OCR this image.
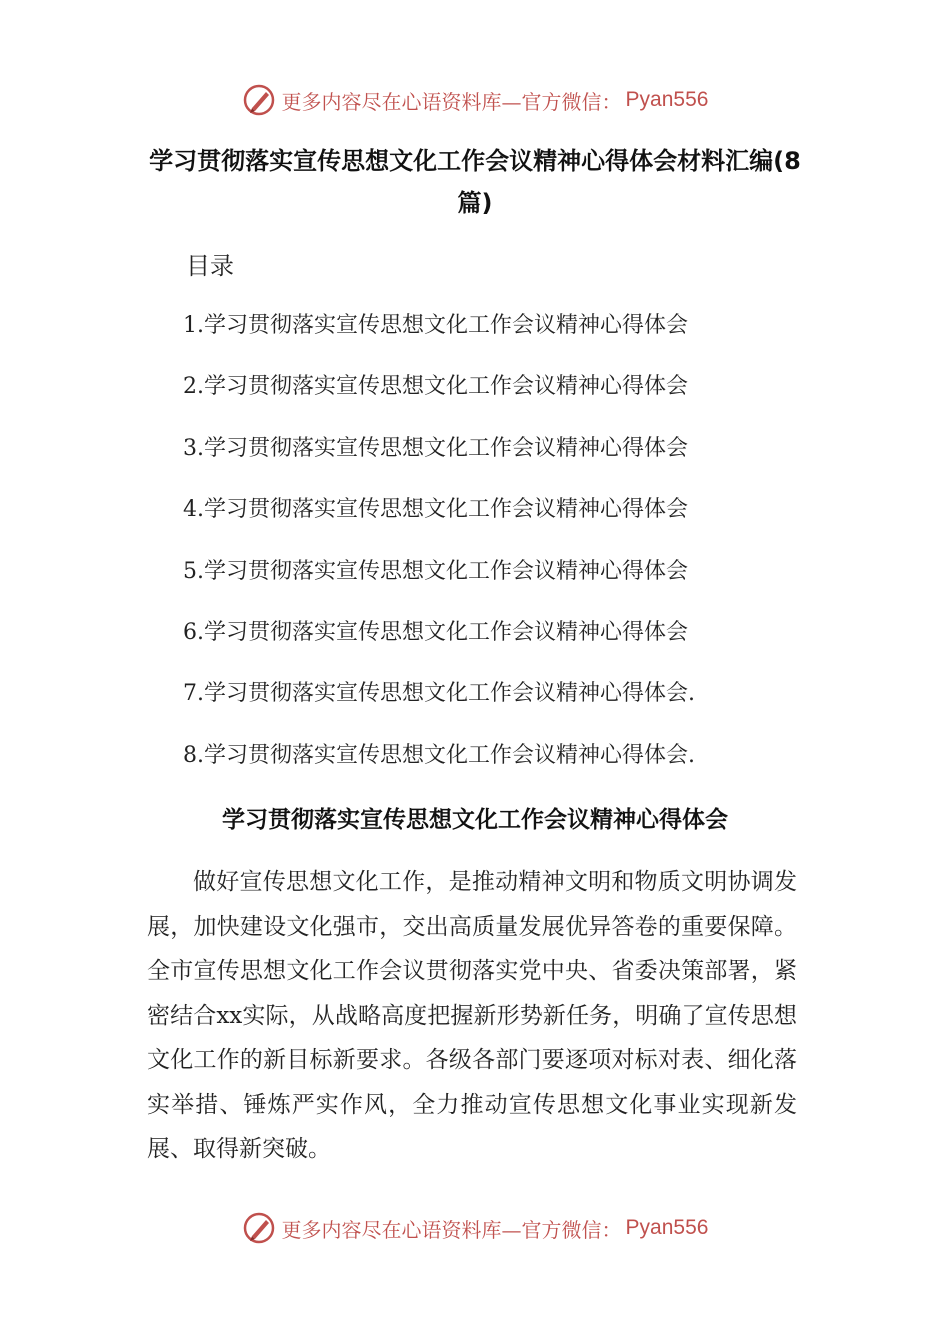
更多内容尽在心语资料库—官方微信： Pyan556
学习贯彻落实宣传思想文化工作会议精神心得体会材料汇编(8篇)
目录
1.学习贯彻落实宣传思想文化工作会议精神心得体会
2.学习贯彻落实宣传思想文化工作会议精神心得体会
3.学习贯彻落实宣传思想文化工作会议精神心得体会
4.学习贯彻落实宣传思想文化工作会议精神心得体会
5.学习贯彻落实宣传思想文化工作会议精神心得体会
6.学习贯彻落实宣传思想文化工作会议精神心得体会
7.学习贯彻落实宣传思想文化工作会议精神心得体会.
8.学习贯彻落实宣传思想文化工作会议精神心得体会.
学习贯彻落实宣传思想文化工作会议精神心得体会

做好宣传思想文化工作，是推动精神文明和物质文明协调发展，加快建设文化强市，交出高质量发展优异答卷的重要保障。全市宣传思想文化工作会议贯彻落实党中央、省委决策部署，紧密结合xx实际，从战略高度把握新形势新任务，明确了宣传思想文化工作的新目标新要求。各级各部门要逐项对标对表、细化落实举措、锤炼严实作风，全力推动宣传思想文化事业实现新发展、取得新突破。

更多内容尽在心语资料库—官方微信： Pyan556
